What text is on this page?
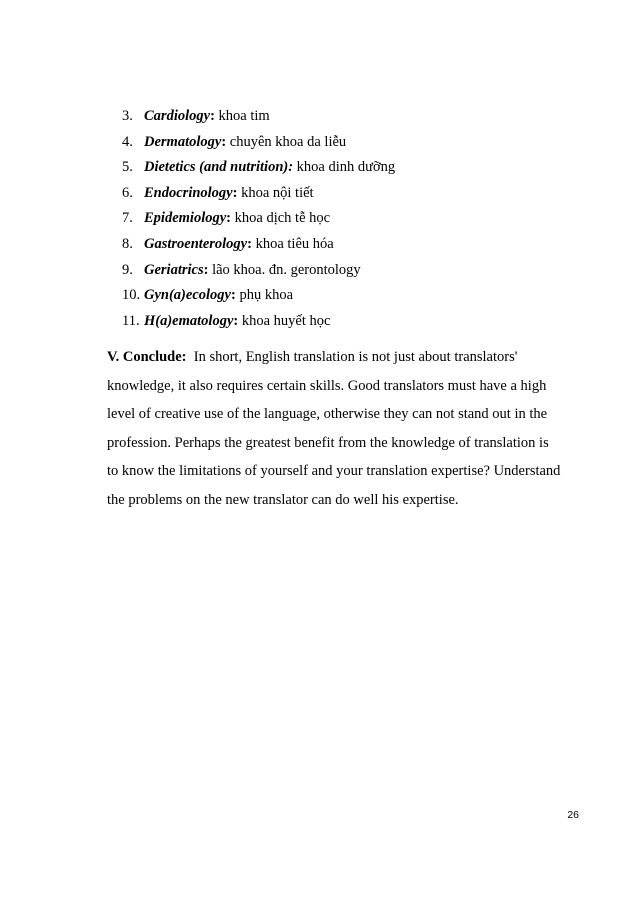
3. Cardiology: khoa tim
4. Dermatology: chuyên khoa da liễu
5. Dietetics (and nutrition): khoa dinh dưỡng
6. Endocrinology: khoa nội tiết
7. Epidemiology: khoa dịch tễ học
8. Gastroenterology: khoa tiêu hóa
9. Geriatrics: lão khoa. đn. gerontology
10. Gyn(a)ecology: phụ khoa
11. H(a)ematology: khoa huyết học

V. Conclude:  In short, English translation is not just about translators'
knowledge, it also requires certain skills. Good translators must have a high
level of creative use of the language, otherwise they can not stand out in the
profession. Perhaps the greatest benefit from the knowledge of translation is
to know the limitations of yourself and your translation expertise? Understand
the problems on the new translator can do well his expertise.

26
